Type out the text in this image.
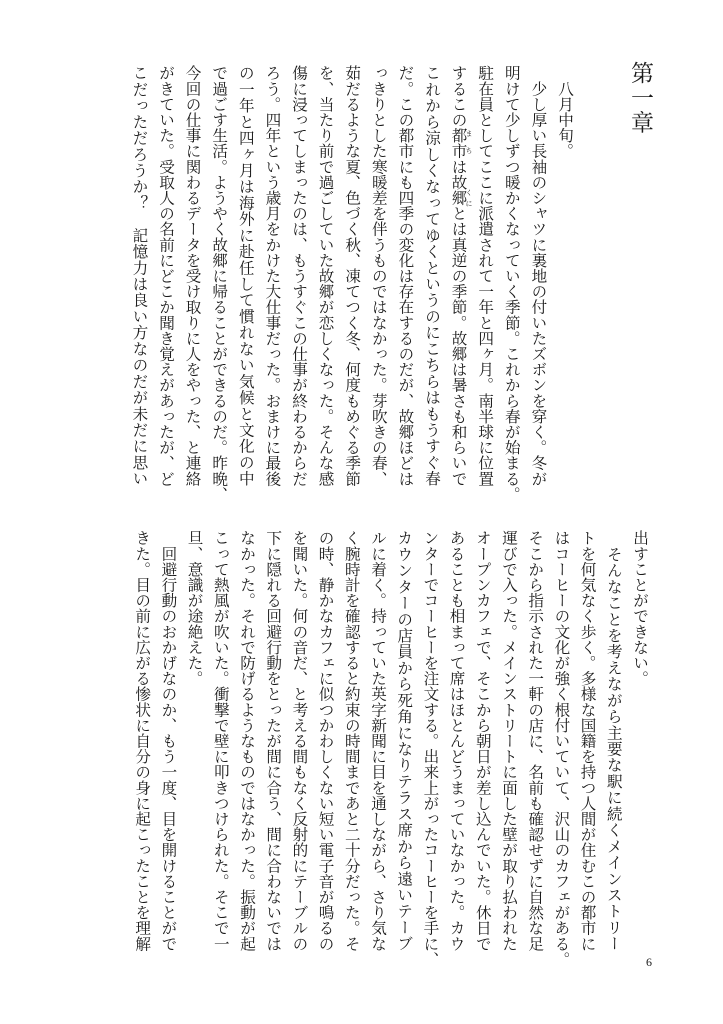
第一章
　八月中旬。
　少し厚い長袖のシャツに裏地の付いたズボンを穿く。冬が
明けて少しずつ暖かくなっていく季節。これから春が始まる。
駐在員としてここに派遣されて一年と四ヶ月。南半球に位置
するこの都市は故郷とは真逆の季節。故郷は暑さも和らいで
まち
くに
これから涼しくなってゆくというのにこちらはもうすぐ春
だ。この都市にも四季の変化は存在するのだが、故郷ほどは
っきりとした寒暖差を伴うものではなかった。芽吹きの春、
茹だるような夏、色づく秋、凍てつく冬、何度もめぐる季節
を、当たり前で過ごしていた故郷が恋しくなった。そんな感
傷に浸ってしまったのは、もうすぐこの仕事が終わるからだ
ろう。四年という歳月をかけた大仕事だった。おまけに最後
の一年と四ヶ月は海外に赴任して慣れない気候と文化の中
で過ごす生活。ようやく故郷に帰ることができるのだ。昨晩、
今回の仕事に関わるデータを受け取りに人をやった、と連絡
がきていた。受取人の名前にどこか聞き覚えがあったが、ど
こだっただろうか？　記憶力は良い方なのだが未だに思い
出すことができない。
　そんなことを考えながら主要な駅に続くメインストリー
トを何気なく歩く。多様な国籍を持つ人間が住むこの都市に
はコーヒーの文化が強く根付いていて、沢山のカフェがある。
そこから指示された一軒の店に、名前も確認せずに自然な足
運びで入った。メインストリートに面した壁が取り払われた
オープンカフェで、そこから朝日が差し込んでいた。休日で
あることも相まって席はほとんどうまっていなかった。カウ
ンターでコーヒーを注文する。出来上がったコーヒーを手に、
カウンターの店員から死角になりテラス席から遠いテーブ
ルに着く。持っていた英字新聞に目を通しながら、さり気な
く腕時計を確認すると約束の時間まであと二十分だった。そ
の時、静かなカフェに似つかわしくない短い電子音が鳴るの
を聞いた。何の音だ、と考える間もなく反射的にテーブルの
下に隠れる回避行動をとったが間に合う、間に合わないでは
なかった。それで防げるようなものではなかった。振動が起
こって熱風が吹いた。衝撃で壁に叩きつけられた。そこで一
旦、意識が途絶えた。
　回避行動のおかげなのか、もう一度、目を開けることがで
きた。目の前に広がる惨状に自分の身に起こったことを理解
6
